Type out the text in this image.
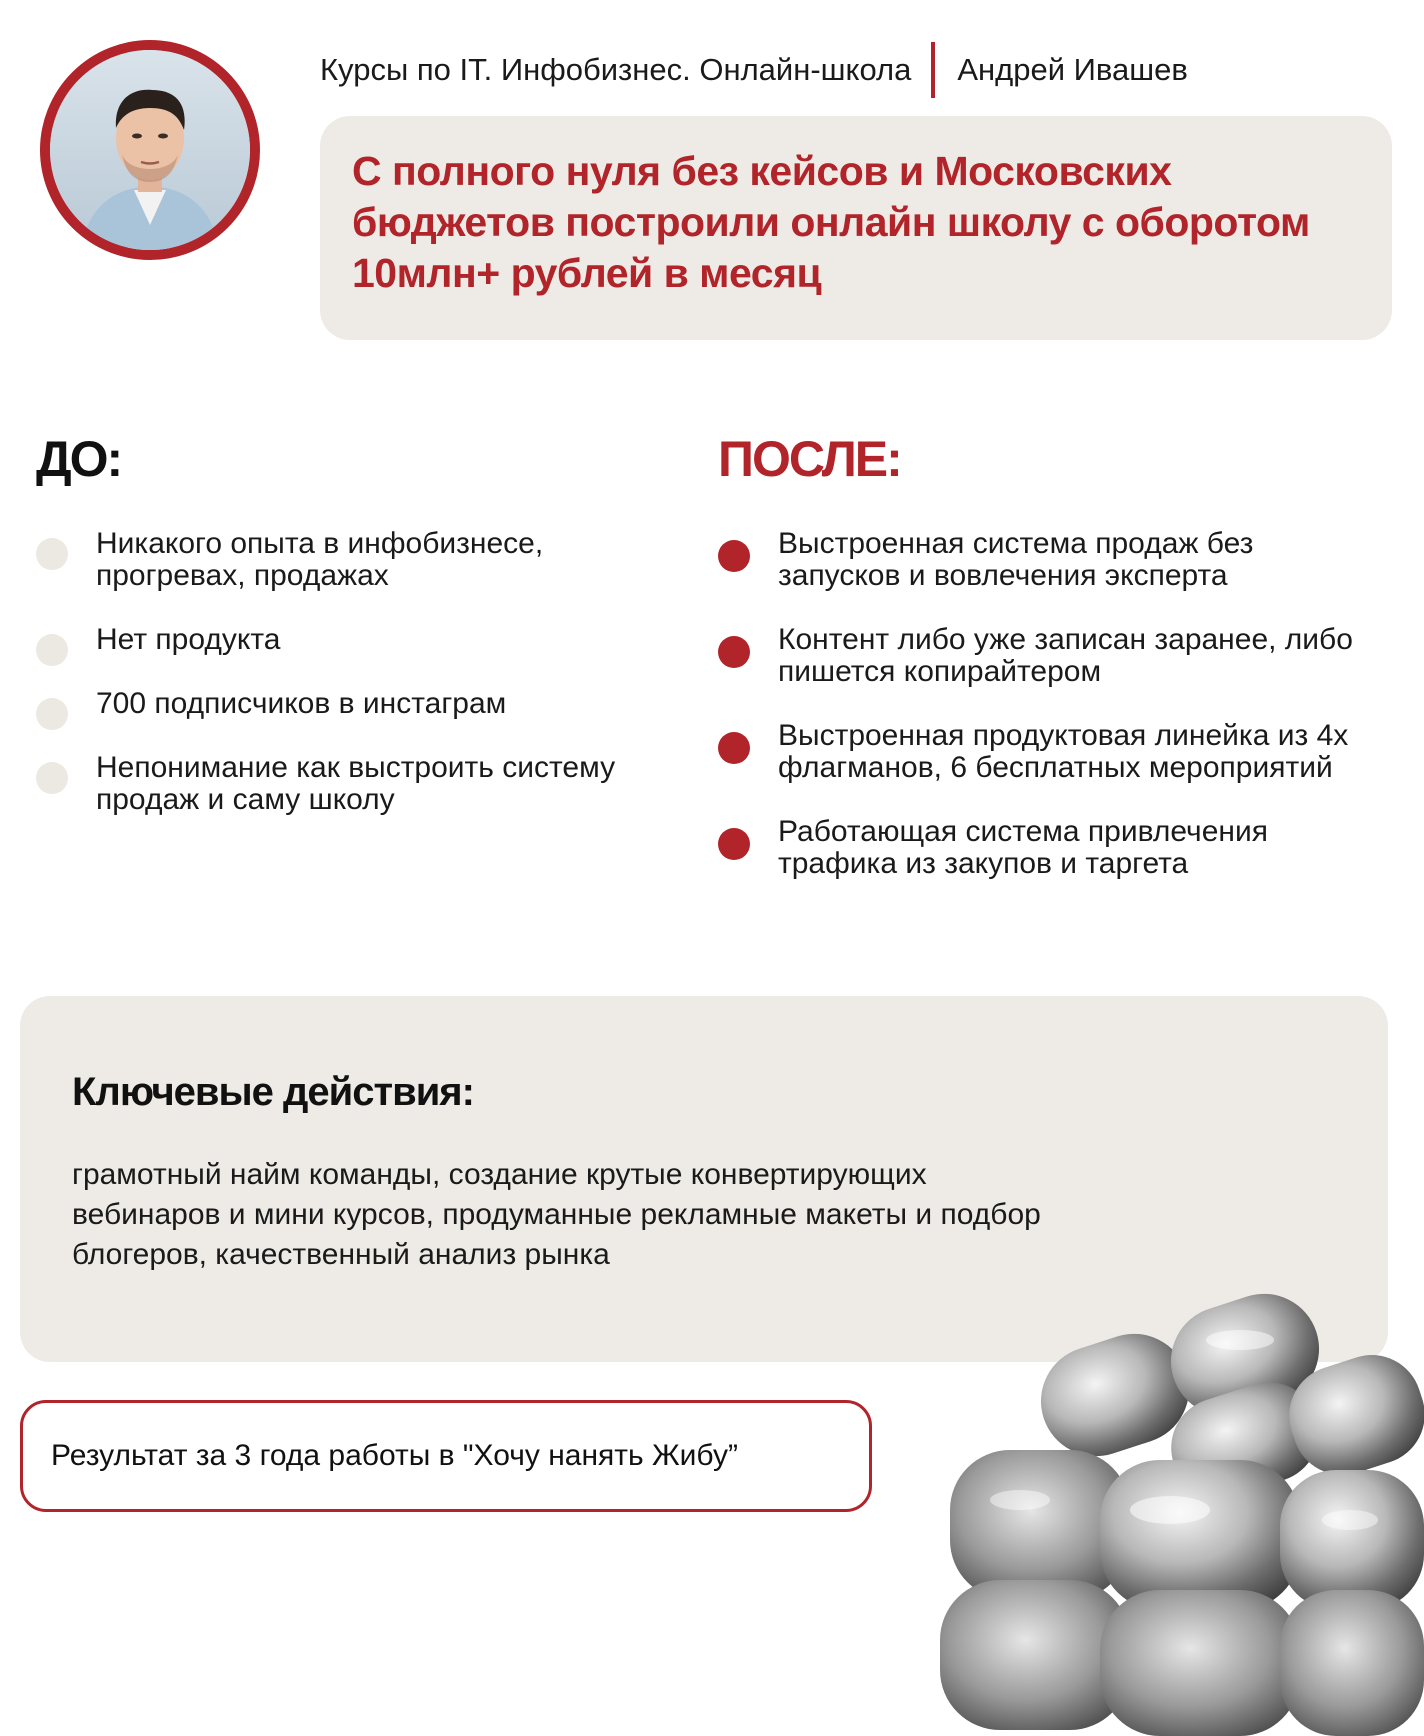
Курсы по IT. Инфобизнес. Онлайн-школа Андрей Ивашев

С полного нуля без кейсов и Московских бюджетов построили онлайн школу с оборотом 10млн+ рублей в месяц

ДО:
Никакого опыта в инфобизнесе, прогревах, продажах
Нет продукта
700 подписчиков в инстаграм
Непонимание как выстроить систему продаж и саму школу
ПОСЛЕ:
Выстроенная система продаж без запусков и вовлечения эксперта
Контент либо уже записан заранее, либо пишется копирайтером
Выстроенная продуктовая линейка из 4х флагманов, 6 бесплатных мероприятий
Работающая система привлечения трафика из закупов и таргета
Ключевые действия:

грамотный найм команды, создание крутые конвертирующих вебинаров и мини курсов, продуманные рекламные макеты и подбор блогеров, качественный анализ рынка

Результат за 3 года работы в "Хочу нанять Жибу”
